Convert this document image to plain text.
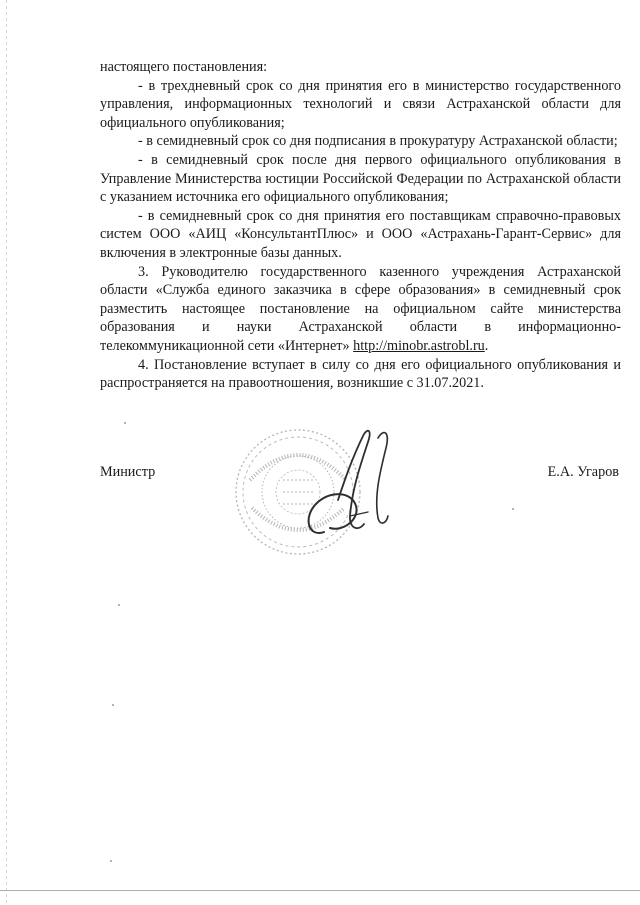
настоящего постановления:

- в трехдневный срок со дня принятия его в министерство государственного управления, информационных технологий и связи Астраханской области для официального опубликования;

- в семидневный срок со дня подписания в прокуратуру Астраханской области;

- в семидневный срок после дня первого официального опубликования в Управление Министерства юстиции Российской Федерации по Астраханской области с указанием источника его официального опубликования;

- в семидневный срок со дня принятия его поставщикам справочно-правовых систем ООО «АИЦ «КонсультантПлюс» и ООО «Астрахань-Гарант-Сервис» для включения в электронные базы данных.

3. Руководителю государственного казенного учреждения Астраханской области «Служба единого заказчика в сфере образования» в семидневный срок разместить настоящее постановление на официальном сайте министерства образования и науки Астраханской области в информационно-телекоммуникационной сети «Интернет» http://minobr.astrobl.ru.

4. Постановление вступает в силу со дня его официального опубликования и распространяется на правоотношения, возникшие с 31.07.2021.

Министр	Е.А. Угаров
